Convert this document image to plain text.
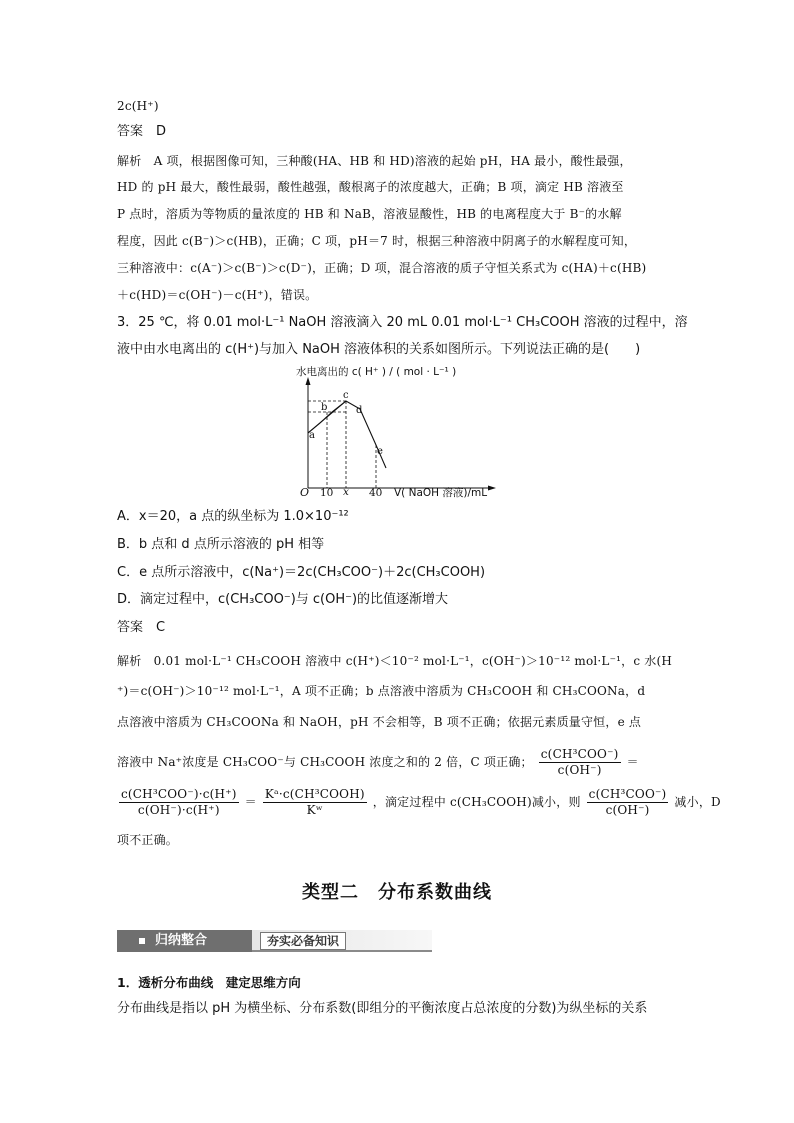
2c(H⁺)
答案　D
解析　A 项，根据图像可知，三种酸(HA、HB 和 HD)溶液的起始 pH，HA 最小，酸性最强，
HD 的 pH 最大，酸性最弱，酸性越强，酸根离子的浓度越大，正确；B 项，滴定 HB 溶液至
P 点时，溶质为等物质的量浓度的 HB 和 NaB，溶液显酸性，HB 的电离程度大于 B⁻的水解
程度，因此 c(B⁻)＞c(HB)，正确；C 项，pH＝7 时，根据三种溶液中阴离子的水解程度可知，
三种溶液中：c(A⁻)＞c(B⁻)＞c(D⁻)，正确；D 项，混合溶液的质子守恒关系式为 c(HA)＋c(HB)
＋c(HD)＝c(OH⁻)－c(H⁺)，错误。
3．25 ℃，将 0.01 mol·L⁻¹ NaOH 溶液滴入 20 mL 0.01 mol·L⁻¹ CH₃COOH 溶液的过程中，溶
液中由水电离出的 c(H⁺)与加入 NaOH 溶液体积的关系如图所示。下列说法正确的是(　　)
水电离出的 c( H⁺ ) / ( mol · L⁻¹ )
O 10 x 40 V( NaOH 溶液)/mL
a
b
c
d
e
A．x＝20，a 点的纵坐标为 1.0×10⁻¹²
B．b 点和 d 点所示溶液的 pH 相等
C．e 点所示溶液中，c(Na⁺)＝2c(CH₃COO⁻)＋2c(CH₃COOH)
D．滴定过程中，c(CH₃COO⁻)与 c(OH⁻)的比值逐渐增大
答案　C
解析　0.01 mol·L⁻¹ CH₃COOH 溶液中 c(H⁺)＜10⁻² mol·L⁻¹，c(OH⁻)＞10⁻¹² mol·L⁻¹，c 水(H
⁺)＝c(OH⁻)＞10⁻¹² mol·L⁻¹，A 项不正确；b 点溶液中溶质为 CH₃COOH 和 CH₃COONa，d
点溶液中溶质为 CH₃COONa 和 NaOH，pH 不会相等，B 项不正确；依据元素质量守恒，e 点
溶液中 Na⁺浓度是 CH₃COO⁻与 CH₃COOH 浓度之和的 2 倍，C 项正确； $\frac{\text{c(CH³COO⁻)}}{c(OH^-)}$ ＝
$\frac{\text{c(CH³COO⁻)·c(H⁺)}}{c(OH^-)\cdot c(H^+)} = \frac{\text{Kᵃ·c(CH³COOH)}}{\text{Kʷ}}$ ，滴定过程中 c(CH₃COOH)减小，则 $\frac{\text{c(CH³COO⁻)}}{c(OH^-)}$ 减小，D
项不正确。
类型二　分布系数曲线
归纳整合	夯实必备知识
1．透析分布曲线　建定思维方向
分布曲线是指以 pH 为横坐标、分布系数(即组分的平衡浓度占总浓度的分数)为纵坐标的关系
